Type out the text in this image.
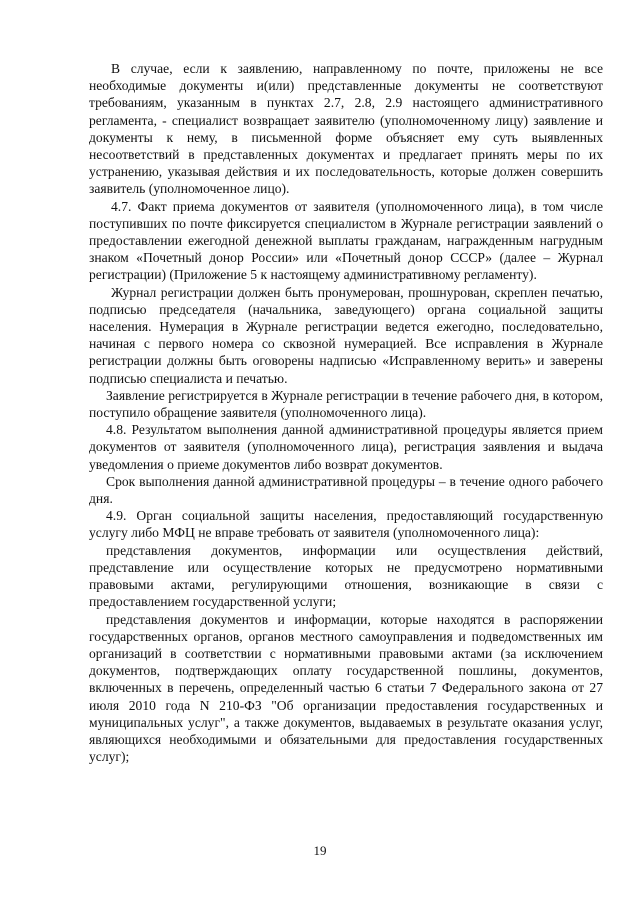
В случае, если к заявлению, направленному по почте, приложены не все необходимые документы и(или) представленные документы не соответствуют требованиям, указанным в пунктах 2.7, 2.8, 2.9 настоящего административного регламента, - специалист возвращает заявителю (уполномоченному лицу) заявление и документы к нему, в письменной форме объясняет ему суть выявленных несоответствий в представленных документах и предлагает принять меры по их устранению, указывая действия и их последовательность, которые должен совершить заявитель (уполномоченное лицо).

4.7. Факт приема документов от заявителя (уполномоченного лица), в том числе поступивших по почте фиксируется специалистом в Журнале регистрации заявлений о предоставлении ежегодной денежной выплаты гражданам, награжденным нагрудным знаком «Почетный донор России» или «Почетный донор СССР» (далее – Журнал регистрации) (Приложение 5 к настоящему административному регламенту).

Журнал регистрации должен быть пронумерован, прошнурован, скреплен печатью, подписью председателя (начальника, заведующего) органа социальной защиты населения. Нумерация в Журнале регистрации ведется ежегодно, последовательно, начиная с первого номера со сквозной нумерацией. Все исправления в Журнале регистрации должны быть оговорены надписью «Исправленному верить» и заверены подписью специалиста и печатью.

Заявление регистрируется в Журнале регистрации в течение рабочего дня, в котором, поступило обращение заявителя (уполномоченного лица).

4.8. Результатом выполнения данной административной процедуры является прием документов от заявителя (уполномоченного лица), регистрация заявления и выдача уведомления о приеме документов либо возврат документов.

Срок выполнения данной административной процедуры – в течение одного рабочего дня.

4.9. Орган социальной защиты населения, предоставляющий государственную услугу либо МФЦ не вправе требовать от заявителя (уполномоченного лица):

представления документов, информации или осуществления действий, представление или осуществление которых не предусмотрено нормативными правовыми актами, регулирующими отношения, возникающие в связи с предоставлением государственной услуги;

представления документов и информации, которые находятся в распоряжении государственных органов, органов местного самоуправления и подведомственных им организаций в соответствии с нормативными правовыми актами (за исключением документов, подтверждающих оплату государственной пошлины, документов, включенных в перечень, определенный частью 6 статьи 7 Федерального закона от 27 июля 2010 года N 210-ФЗ "Об организации предоставления государственных и муниципальных услуг", а также документов, выдаваемых в результате оказания услуг, являющихся необходимыми и обязательными для предоставления государственных услуг);

19
